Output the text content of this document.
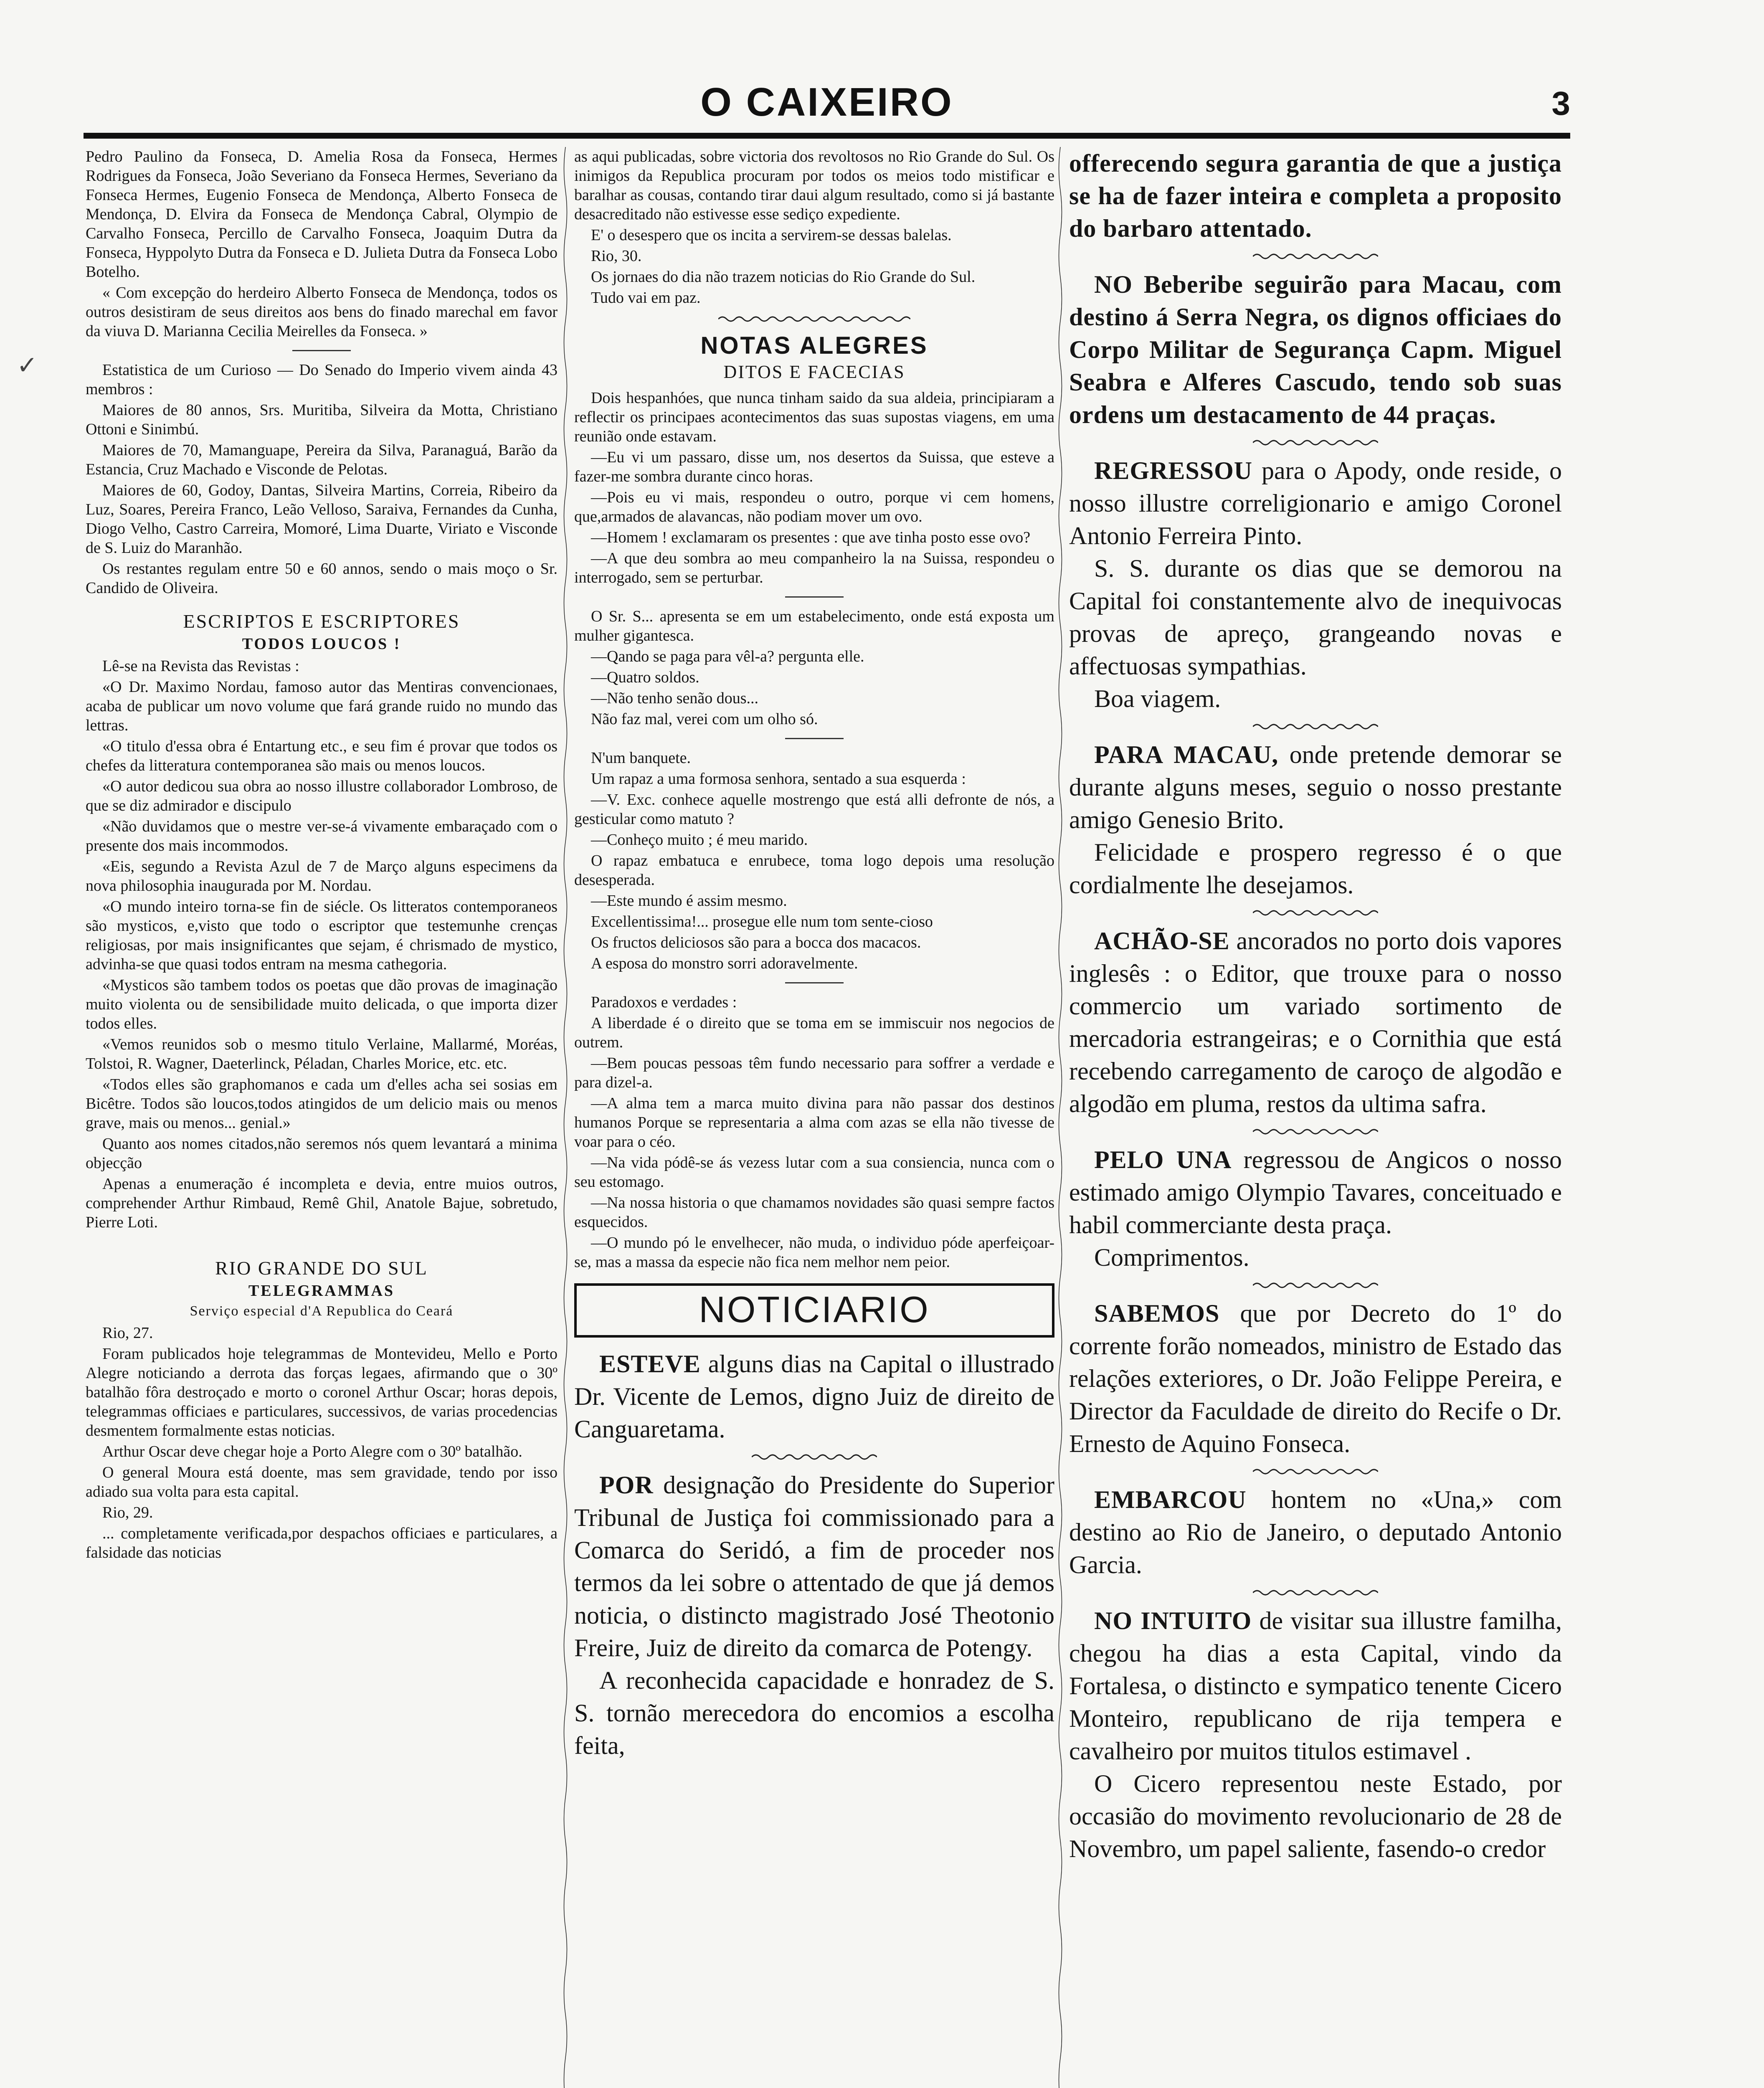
O CAIXEIRO	3
✓

Pedro Paulino da Fonseca, D. Amelia Rosa da Fonseca, Hermes Rodrigues da Fonseca, João Severiano da Fonseca Hermes, Severiano da Fonseca Hermes, Eugenio Fonseca de Mendonça, Alberto Fonseca de Mendonça, D. Elvira da Fonseca de Mendonça Cabral, Olympio de Carvalho Fonseca, Percillo de Carvalho Fonseca, Joaquim Dutra da Fonseca, Hyppolyto Dutra da Fonseca e D. Julieta Dutra da Fonseca Lobo Botelho.

« Com excepção do herdeiro Alberto Fonseca de Mendonça, todos os outros desistiram de seus direitos aos bens do finado marechal em favor da viuva D. Marianna Cecilia Meirelles da Fonseca. »

Estatistica de um Curioso — Do Senado do Imperio vivem ainda 43 membros :

Maiores de 80 annos, Srs. Muritiba, Silveira da Motta, Christiano Ottoni e Sinimbú.

Maiores de 70, Mamanguape, Pereira da Silva, Paranaguá, Barão da Estancia, Cruz Machado e Visconde de Pelotas.

Maiores de 60, Godoy, Dantas, Silveira Martins, Correia, Ribeiro da Luz, Soares, Pereira Franco, Leão Velloso, Saraiva, Fernandes da Cunha, Diogo Velho, Castro Carreira, Momoré, Lima Duarte, Viriato e Visconde de S. Luiz do Maranhão.

Os restantes regulam entre 50 e 60 annos, sendo o mais moço o Sr. Candido de Oliveira.

ESCRIPTOS E ESCRIPTORES
TODOS LOUCOS !

Lê-se na Revista das Revistas :

«O Dr. Maximo Nordau, famoso autor das Mentiras convencionaes, acaba de publicar um novo volume que fará grande ruido no mundo das lettras.

«O titulo d'essa obra é Entartung etc., e seu fim é provar que todos os chefes da litteratura contemporanea são mais ou menos loucos.

«O autor dedicou sua obra ao nosso illustre collaborador Lombroso, de que se diz admirador e discipulo

«Não duvidamos que o mestre ver-se-á vivamente embaraçado com o presente dos mais incommodos.

«Eis, segundo a Revista Azul de 7 de Março alguns especimens da nova philosophia inaugurada por M. Nordau.

«O mundo inteiro torna-se fin de siécle. Os litteratos contemporaneos são mysticos, e,visto que todo o escriptor que testemunhe crenças religiosas, por mais insignificantes que sejam, é chrismado de mystico, advinha-se que quasi todos entram na mesma cathegoria.

«Mysticos são tambem todos os poetas que dão provas de imaginação muito violenta ou de sensibilidade muito delicada, o que importa dizer todos elles.

«Vemos reunidos sob o mesmo titulo Verlaine, Mallarmé, Moréas, Tolstoi, R. Wagner, Daeterlinck, Péladan, Charles Morice, etc. etc.

«Todos elles são graphomanos e cada um d'elles acha sei sosias em Bicêtre. Todos são loucos,todos atingidos de um delicio mais ou menos grave, mais ou menos... genial.»

Quanto aos nomes citados,não seremos nós quem levantará a minima objecção

Apenas a enumeração é incompleta e devia, entre muios outros, comprehender Arthur Rimbaud, Remê Ghil, Anatole Bajue, sobretudo, Pierre Loti.

RIO GRANDE DO SUL
TELEGRAMMAS
Serviço especial d'A Republica do Ceará

Rio, 27.

Foram publicados hoje telegrammas de Montevideu, Mello e Porto Alegre noticiando a derrota das forças legaes, afirmando que o 30º batalhão fôra destroçado e morto o coronel Arthur Oscar; horas depois, telegrammas officiaes e particulares, successivos, de varias procedencias desmentem formalmente estas noticias.

Arthur Oscar deve chegar hoje a Porto Alegre com o 30º batalhão.

O general Moura está doente, mas sem gravidade, tendo por isso adiado sua volta para esta capital.

Rio, 29.

... completamente verificada,por despachos officiaes e particulares, a falsidade das noticias

as aqui publicadas, sobre victoria dos revoltosos no Rio Grande do Sul. Os inimigos da Republica procuram por todos os meios todo mistificar e baralhar as cousas, contando tirar daui algum resultado, como si já bastante desacreditado não estivesse esse sediço expediente.

E' o desespero que os incita a servirem-se dessas balelas.

Rio, 30.

Os jornaes do dia não trazem noticias do Rio Grande do Sul.

Tudo vai em paz.

NOTAS ALEGRES
DITOS E FACECIAS

Dois hespanhóes, que nunca tinham saido da sua aldeia, principiaram a reflectir os principaes acontecimentos das suas supostas viagens, em uma reunião onde estavam.

—Eu vi um passaro, disse um, nos desertos da Suissa, que esteve a fazer-me sombra durante cinco horas.

—Pois eu vi mais, respondeu o outro, porque vi cem homens, que,armados de alavancas, não podiam mover um ovo.

—Homem ! exclamaram os presentes : que ave tinha posto esse ovo?

—A que deu sombra ao meu companheiro la na Suissa, respondeu o interrogado, sem se perturbar.

O Sr. S... apresenta se em um estabelecimento, onde está exposta um mulher gigantesca.

—Qando se paga para vêl-a? pergunta elle.

—Quatro soldos.

—Não tenho senão dous...

Não faz mal, verei com um olho só.

N'um banquete.

Um rapaz a uma formosa senhora, sentado a sua esquerda :

—V. Exc. conhece aquelle mostrengo que está alli defronte de nós, a gesticular como matuto ?

—Conheço muito ; é meu marido.

O rapaz embatuca e enrubece, toma logo depois uma resolução desesperada.

—Este mundo é assim mesmo.

Excellentissima!... prosegue elle num tom sente-cioso

Os fructos deliciosos são para a bocca dos macacos.

A esposa do monstro sorri adoravelmente.

Paradoxos e verdades :

A liberdade é o direito que se toma em se immiscuir nos negocios de outrem.

—Bem poucas pessoas têm fundo necessario para soffrer a verdade e para dizel-a.

—A alma tem a marca muito divina para não passar dos destinos humanos Porque se representaria a alma com azas se ella não tivesse de voar para o céo.

—Na vida pódê-se ás vezess lutar com a sua consiencia, nunca com o seu estomago.

—Na nossa historia o que chamamos novidades são quasi sempre factos esquecidos.

—O mundo pó le envelhecer, não muda, o individuo póde aperfeiçoar-se, mas a massa da especie não fica nem melhor nem peior.

NOTICIARIO

ESTEVE alguns dias na Capital o illustrado Dr. Vicente de Lemos, digno Juiz de direito de Canguaretama.

POR designação do Presidente do Superior Tribunal de Justiça foi commissionado para a Comarca do Seridó, a fim de proceder nos termos da lei sobre o attentado de que já demos noticia, o distincto magistrado José Theotonio Freire, Juiz de direito da comarca de Potengy.

A reconhecida capacidade e honradez de S. S. tornão merecedora do encomios a escolha feita,

offerecendo segura garantia de que a justiça se ha de fazer inteira e completa a proposito do barbaro attentado.

NO Beberibe seguirão para Macau, com destino á Serra Negra, os dignos officiaes do Corpo Militar de Segurança Capm. Miguel Seabra e Alferes Cascudo, tendo sob suas ordens um destacamento de 44 praças.

REGRESSOU para o Apody, onde reside, o nosso illustre correligionario e amigo Coronel Antonio Ferreira Pinto.

S. S. durante os dias que se demorou na Capital foi constantemente alvo de inequivocas provas de apreço, grangeando novas e affectuosas sympathias.

Boa viagem.

PARA MACAU, onde pretende demorar se durante alguns meses, seguio o nosso prestante amigo Genesio Brito.

Felicidade e prospero regresso é o que cordialmente lhe desejamos.

ACHÃO-SE ancorados no porto dois vapores inglesês : o Editor, que trouxe para o nosso commercio um variado sortimento de mercadoria estrangeiras; e o Cornithia que está recebendo carregamento de caroço de algodão e algodão em pluma, restos da ultima safra.

PELO UNA regressou de Angicos o nosso estimado amigo Olympio Tavares, conceituado e habil commerciante desta praça.

Comprimentos.

SABEMOS que por Decreto do 1º do corrente forão nomeados, ministro de Estado das relações exteriores, o Dr. João Felippe Pereira, e Director da Faculdade de direito do Recife o Dr. Ernesto de Aquino Fonseca.

EMBARCOU hontem no «Una,» com destino ao Rio de Janeiro, o deputado Antonio Garcia.

NO INTUITO de visitar sua illustre familha, chegou ha dias a esta Capital, vindo da Fortalesa, o distincto e sympatico tenente Cicero Monteiro, republicano de rija tempera e cavalheiro por muitos titulos estimavel .

O Cicero representou neste Estado, por occasião do movimento revolucionario de 28 de Novembro, um papel saliente, fasendo-o credor
